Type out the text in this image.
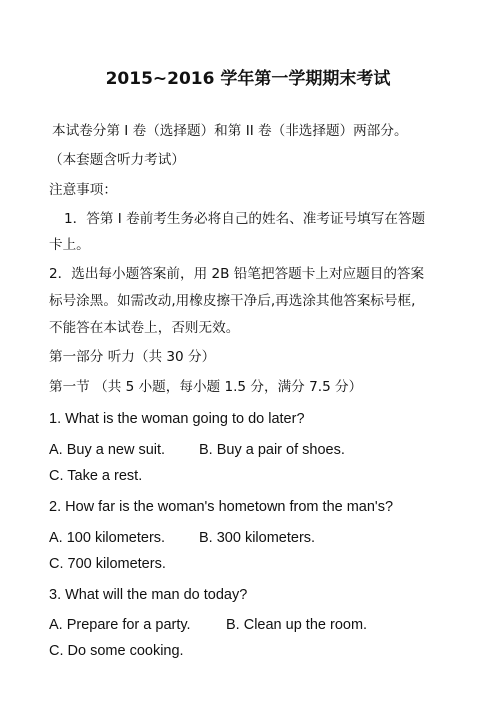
2015~2016 学年第一学期期末考试
本试卷分第 I 卷（选择题）和第 II 卷（非选择题）两部分。
（本套题含听力考试）
注意事项：
1．答第 I 卷前考生务必将自己的姓名、准考证号填写在答题
卡上。
2．选出每小题答案前，用 2B 铅笔把答题卡上对应题目的答案
标号涂黑。如需改动,用橡皮擦干净后,再选涂其他答案标号框,
不能答在本试卷上，否则无效。
第一部分 听力（共 30 分）
第一节 （共 5 小题，每小题 1.5 分，满分 7.5 分）
1. What is the woman going to do later?
A. Buy a new suit. B. Buy a pair of shoes.
C. Take a rest.
2. How far is the woman's hometown from the man's?
A. 100 kilometers. B. 300 kilometers.
C. 700 kilometers.
3. What will the man do today?
A. Prepare for a party. B. Clean up the room.
C. Do some cooking.
